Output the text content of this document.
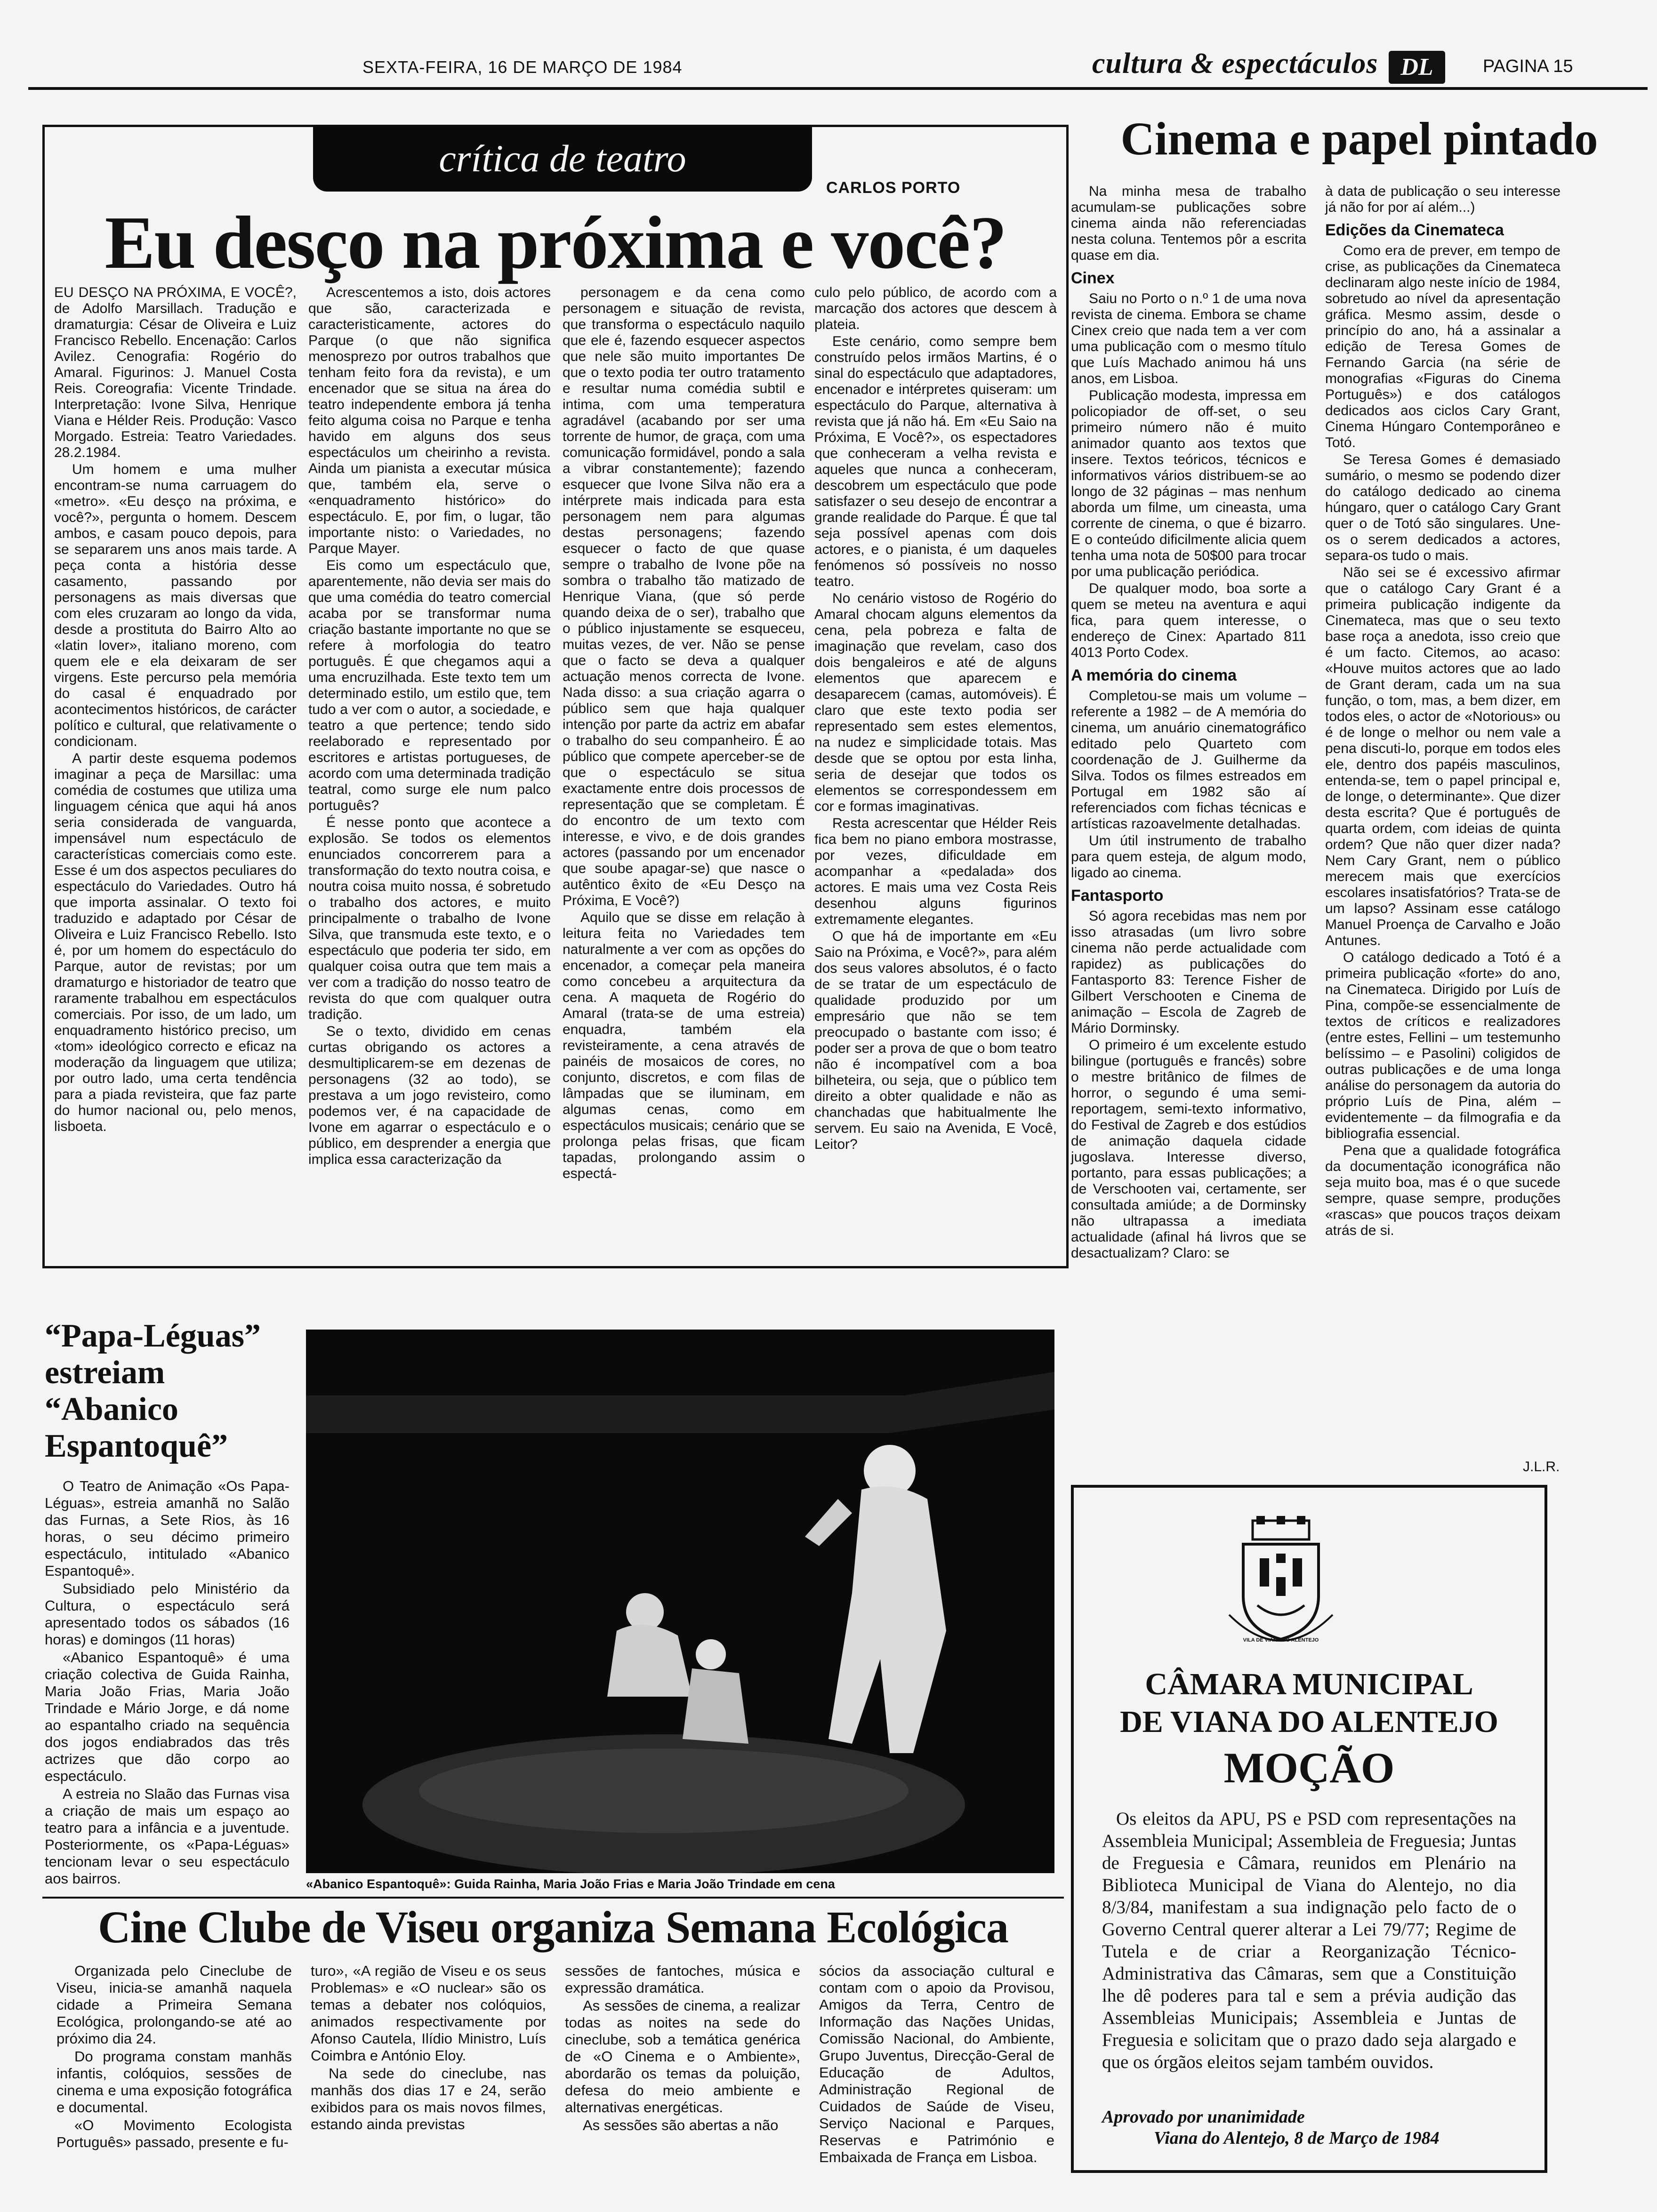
SEXTA-FEIRA, 16 DE MARÇO DE 1984	cultura & espectáculos DL	PAGINA 15
crítica de teatro
CARLOS PORTO
Eu desço na próxima e você?

EU DESÇO NA PRÓXIMA, E VOCÊ?, de Adolfo Marsillach. Tradução e dramaturgia: César de Oliveira e Luiz Francisco Rebello. Encenação: Carlos Avilez. Cenografia: Rogério do Amaral. Figurinos: J. Manuel Costa Reis. Coreografia: Vicente Trindade. Interpretação: Ivone Silva, Henrique Viana e Hélder Reis. Produção: Vasco Morgado. Estreia: Teatro Variedades. 28.2.1984.

Um homem e uma mulher encontram-se numa carruagem do «metro». «Eu desço na próxima, e você?», pergunta o homem. Descem ambos, e casam pouco depois, para se separarem uns anos mais tarde. A peça conta a história desse casamento, passando por personagens as mais diversas que com eles cruzaram ao longo da vida, desde a prostituta do Bairro Alto ao «latin lover», italiano moreno, com quem ele e ela deixaram de ser virgens. Este percurso pela memória do casal é enquadrado por acontecimentos históricos, de carácter político e cultural, que relativamente o condicionam.

A partir deste esquema podemos imaginar a peça de Marsillac: uma comédia de costumes que utiliza uma linguagem cénica que aqui há anos seria considerada de vanguarda, impensável num espectáculo de características comerciais como este. Esse é um dos aspectos peculiares do espectáculo do Variedades. Outro há que importa assinalar. O texto foi traduzido e adaptado por César de Oliveira e Luiz Francisco Rebello. Isto é, por um homem do espectáculo do Parque, autor de revistas; por um dramaturgo e historiador de teatro que raramente trabalhou em espectáculos comerciais. Por isso, de um lado, um enquadramento histórico preciso, um «tom» ideológico correcto e eficaz na moderação da linguagem que utiliza; por outro lado, uma certa tendência para a piada revisteira, que faz parte do humor nacional ou, pelo menos, lisboeta.

Acrescentemos a isto, dois actores que são, caracterizada e caracteristicamente, actores do Parque (o que não significa menosprezo por outros trabalhos que tenham feito fora da revista), e um encenador que se situa na área do teatro independente embora já tenha feito alguma coisa no Parque e tenha havido em alguns dos seus espectáculos um cheirinho a revista. Ainda um pianista a executar música que, também ela, serve o «enquadramento histórico» do espectáculo. E, por fim, o lugar, tão importante nisto: o Variedades, no Parque Mayer.

Eis como um espectáculo que, aparentemente, não devia ser mais do que uma comédia do teatro comercial acaba por se transformar numa criação bastante importante no que se refere à morfologia do teatro português. É que chegamos aqui a uma encruzilhada. Este texto tem um determinado estilo, um estilo que, tem tudo a ver com o autor, a sociedade, e teatro a que pertence; tendo sido reelaborado e representado por escritores e artistas portugueses, de acordo com uma determinada tradição teatral, como surge ele num palco português?

É nesse ponto que acontece a explosão. Se todos os elementos enunciados concorrerem para a transformação do texto noutra coisa, e noutra coisa muito nossa, é sobretudo o trabalho dos actores, e muito principalmente o trabalho de Ivone Silva, que transmuda este texto, e o espectáculo que poderia ter sido, em qualquer coisa outra que tem mais a ver com a tradição do nosso teatro de revista do que com qualquer outra tradição.

Se o texto, dividido em cenas curtas obrigando os actores a desmultiplicarem-se em dezenas de personagens (32 ao todo), se prestava a um jogo revisteiro, como podemos ver, é na capacidade de Ivone em agarrar o espectáculo e o público, em desprender a energia que implica essa caracterização da

personagem e da cena como personagem e situação de revista, que transforma o espectáculo naquilo que ele é, fazendo esquecer aspectos que nele são muito importantes De que o texto podia ter outro tratamento e resultar numa comédia subtil e intima, com uma temperatura agradável (acabando por ser uma torrente de humor, de graça, com uma comunicação formidável, pondo a sala a vibrar constantemente); fazendo esquecer que Ivone Silva não era a intérprete mais indicada para esta personagem nem para algumas destas personagens; fazendo esquecer o facto de que quase sempre o trabalho de Ivone põe na sombra o trabalho tão matizado de Henrique Viana, (que só perde quando deixa de o ser), trabalho que o público injustamente se esqueceu, muitas vezes, de ver. Não se pense que o facto se deva a qualquer actuação menos correcta de Ivone. Nada disso: a sua criação agarra o público sem que haja qualquer intenção por parte da actriz em abafar o trabalho do seu companheiro. É ao público que compete aperceber-se de que o espectáculo se situa exactamente entre dois processos de representação que se completam. É do encontro de um texto com interesse, e vivo, e de dois grandes actores (passando por um encenador que soube apagar-se) que nasce o autêntico êxito de «Eu Desço na Próxima, E Você?)

Aquilo que se disse em relação à leitura feita no Variedades tem naturalmente a ver com as opções do encenador, a começar pela maneira como concebeu a arquitectura da cena. A maqueta de Rogério do Amaral (trata-se de uma estreia) enquadra, também ela revisteiramente, a cena através de painéis de mosaicos de cores, no conjunto, discretos, e com filas de lâmpadas que se iluminam, em algumas cenas, como em espectáculos musicais; cenário que se prolonga pelas frisas, que ficam tapadas, prolongando assim o espectá-

culo pelo público, de acordo com a marcação dos actores que descem à plateia.

Este cenário, como sempre bem construído pelos irmãos Martins, é o sinal do espectáculo que adaptadores, encenador e intérpretes quiseram: um espectáculo do Parque, alternativa à revista que já não há. Em «Eu Saio na Próxima, E Você?», os espectadores que conheceram a velha revista e aqueles que nunca a conheceram, descobrem um espectáculo que pode satisfazer o seu desejo de encontrar a grande realidade do Parque. É que tal seja possível apenas com dois actores, e o pianista, é um daqueles fenómenos só possíveis no nosso teatro.

No cenário vistoso de Rogério do Amaral chocam alguns elementos da cena, pela pobreza e falta de imaginação que revelam, caso dos dois bengaleiros e até de alguns elementos que aparecem e desaparecem (camas, automóveis). É claro que este texto podia ser representado sem estes elementos, na nudez e simplicidade totais. Mas desde que se optou por esta linha, seria de desejar que todos os elementos se correspondessem em cor e formas imaginativas.

Resta acrescentar que Hélder Reis fica bem no piano embora mostrasse, por vezes, dificuldade em acompanhar a «pedalada» dos actores. E mais uma vez Costa Reis desenhou alguns figurinos extremamente elegantes.

O que há de importante em «Eu Saio na Próxima, e Você?», para além dos seus valores absolutos, é o facto de se tratar de um espectáculo de qualidade produzido por um empresário que não se tem preocupado o bastante com isso; é poder ser a prova de que o bom teatro não é incompatível com a boa bilheteira, ou seja, que o público tem direito a obter qualidade e não as chanchadas que habitualmente lhe servem. Eu saio na Avenida, E Você, Leitor?

Cinema e papel pintado

Na minha mesa de trabalho acumulam-se publicações sobre cinema ainda não referenciadas nesta coluna. Tentemos pôr a escrita quase em dia.

Cinex

Saiu no Porto o n.º 1 de uma nova revista de cinema. Embora se chame Cinex creio que nada tem a ver com uma publicação com o mesmo título que Luís Machado animou há uns anos, em Lisboa.

Publicação modesta, impressa em policopiador de off-set, o seu primeiro número não é muito animador quanto aos textos que insere. Textos teóricos, técnicos e informativos vários distribuem-se ao longo de 32 páginas – mas nenhum aborda um filme, um cineasta, uma corrente de cinema, o que é bizarro. E o conteúdo dificilmente alicia quem tenha uma nota de 50$00 para trocar por uma publicação periódica.

De qualquer modo, boa sorte a quem se meteu na aventura e aqui fica, para quem interesse, o endereço de Cinex: Apartado 811 4013 Porto Codex.

A memória do cinema

Completou-se mais um volume – referente a 1982 – de A memória do cinema, um anuário cinematográfico editado pelo Quarteto com coordenação de J. Guilherme da Silva. Todos os filmes estreados em Portugal em 1982 são aí referenciados com fichas técnicas e artísticas razoavelmente detalhadas.

Um útil instrumento de trabalho para quem esteja, de algum modo, ligado ao cinema.

Fantasporto

Só agora recebidas mas nem por isso atrasadas (um livro sobre cinema não perde actualidade com rapidez) as publicações do Fantasporto 83: Terence Fisher de Gilbert Verschooten e Cinema de animação – Escola de Zagreb de Mário Dorminsky.

O primeiro é um excelente estudo bilingue (português e francês) sobre o mestre britânico de filmes de horror, o segundo é uma semi-reportagem, semi-texto informativo, do Festival de Zagreb e dos estúdios de animação daquela cidade jugoslava. Interesse diverso, portanto, para essas publicações; a de Verschooten vai, certamente, ser consultada amiúde; a de Dorminsky não ultrapassa a imediata actualidade (afinal há livros que se desactualizam? Claro: se

à data de publicação o seu interesse já não for por aí além...)

Edições da Cinemateca

Como era de prever, em tempo de crise, as publicações da Cinemateca declinaram algo neste início de 1984, sobretudo ao nível da apresentação gráfica. Mesmo assim, desde o princípio do ano, há a assinalar a edição de Teresa Gomes de Fernando Garcia (na série de monografias «Figuras do Cinema Português») e dos catálogos dedicados aos ciclos Cary Grant, Cinema Húngaro Contemporâneo e Totó.

Se Teresa Gomes é demasiado sumário, o mesmo se podendo dizer do catálogo dedicado ao cinema húngaro, quer o catálogo Cary Grant quer o de Totó são singulares. Une-os o serem dedicados a actores, separa-os tudo o mais.

Não sei se é excessivo afirmar que o catálogo Cary Grant é a primeira publicação indigente da Cinemateca, mas que o seu texto base roça a anedota, isso creio que é um facto. Citemos, ao acaso: «Houve muitos actores que ao lado de Grant deram, cada um na sua função, o tom, mas, a bem dizer, em todos eles, o actor de «Notorious» ou é de longe o melhor ou nem vale a pena discuti-lo, porque em todos eles ele, dentro dos papéis masculinos, entenda-se, tem o papel principal e, de longe, o determinante». Que dizer desta escrita? Que é português de quarta ordem, com ideias de quinta ordem? Que não quer dizer nada? Nem Cary Grant, nem o público merecem mais que exercícios escolares insatisfatórios? Trata-se de um lapso? Assinam esse catálogo Manuel Proença de Carvalho e João Antunes.

O catálogo dedicado a Totó é a primeira publicação «forte» do ano, na Cinemateca. Dirigido por Luís de Pina, compõe-se essencialmente de textos de críticos e realizadores (entre estes, Fellini – um testemunho belíssimo – e Pasolini) coligidos de outras publicações e de uma longa análise do personagem da autoria do próprio Luís de Pina, além – evidentemente – da filmografia e da bibliografia essencial.

Pena que a qualidade fotográfica da documentação iconográfica não seja muito boa, mas é o que sucede sempre, quase sempre, produções «rascas» que poucos traços deixam atrás de si.

J.L.R.
VILA DE VIANA DO ALENTEJO
CÂMARA MUNICIPAL
DE VIANA DO ALENTEJO
MOÇÃO
Os eleitos da APU, PS e PSD com representações na Assembleia Municipal; Assembleia de Freguesia; Juntas de Freguesia e Câmara, reunidos em Plenário na Biblioteca Municipal de Viana do Alentejo, no dia 8/3/84, manifestam a sua indignação pelo facto de o Governo Central querer alterar a Lei 79/77; Regime de Tutela e de criar a Reorganização Técnico-Administrativa das Câmaras, sem que a Constituição lhe dê poderes para tal e sem a prévia audição das Assembleias Municipais; Assembleia e Juntas de Freguesia e solicitam que o prazo dado seja alargado e que os órgãos eleitos sejam também ouvidos.
Aprovado por unanimidade
Viana do Alentejo, 8 de Março de 1984
“Papa-Léguas”
estreiam
“Abanico
Espantoquê”

O Teatro de Animação «Os Papa-Léguas», estreia amanhã no Salão das Furnas, a Sete Rios, às 16 horas, o seu décimo primeiro espectáculo, intitulado «Abanico Espantoquê».

Subsidiado pelo Ministério da Cultura, o espectáculo será apresentado todos os sábados (16 horas) e domingos (11 horas)

«Abanico Espantoquê» é uma criação colectiva de Guida Rainha, Maria João Frias, Maria João Trindade e Mário Jorge, e dá nome ao espantalho criado na sequência dos jogos endiabrados das três actrizes que dão corpo ao espectáculo.

A estreia no Slaão das Furnas visa a criação de mais um espaço ao teatro para a infância e a juventude. Posteriormente, os «Papa-Léguas» tencionam levar o seu espectáculo aos bairros.	«Abanico Espantoquê»: Guida Rainha, Maria João Frias e Maria João Trindade em cena
Cine Clube de Viseu organiza Semana Ecológica

Organizada pelo Cineclube de Viseu, inicia-se amanhã naquela cidade a Primeira Semana Ecológica, prolongando-se até ao próximo dia 24.

Do programa constam manhãs infantis, colóquios, sessões de cinema e uma exposição fotográfica e documental.

«O Movimento Ecologista Português» passado, presente e fu-

turo», «A região de Viseu e os seus Problemas» e «O nuclear» são os temas a debater nos colóquios, animados respectivamente por Afonso Cautela, Ilídio Ministro, Luís Coimbra e António Eloy.

Na sede do cineclube, nas manhãs dos dias 17 e 24, serão exibidos para os mais novos filmes, estando ainda previstas

sessões de fantoches, música e expressão dramática.

As sessões de cinema, a realizar todas as noites na sede do cineclube, sob a temática genérica de «O Cinema e o Ambiente», abordarão os temas da poluição, defesa do meio ambiente e alternativas energéticas.

As sessões são abertas a não

sócios da associação cultural e contam com o apoio da Provisou, Amigos da Terra, Centro de Informação das Nações Unidas, Comissão Nacional, do Ambiente, Grupo Juventus, Direcção-Geral de Educação de Adultos, Administração Regional de Cuidados de Saúde de Viseu, Serviço Nacional e Parques, Reservas e Património e Embaixada de França em Lisboa.
